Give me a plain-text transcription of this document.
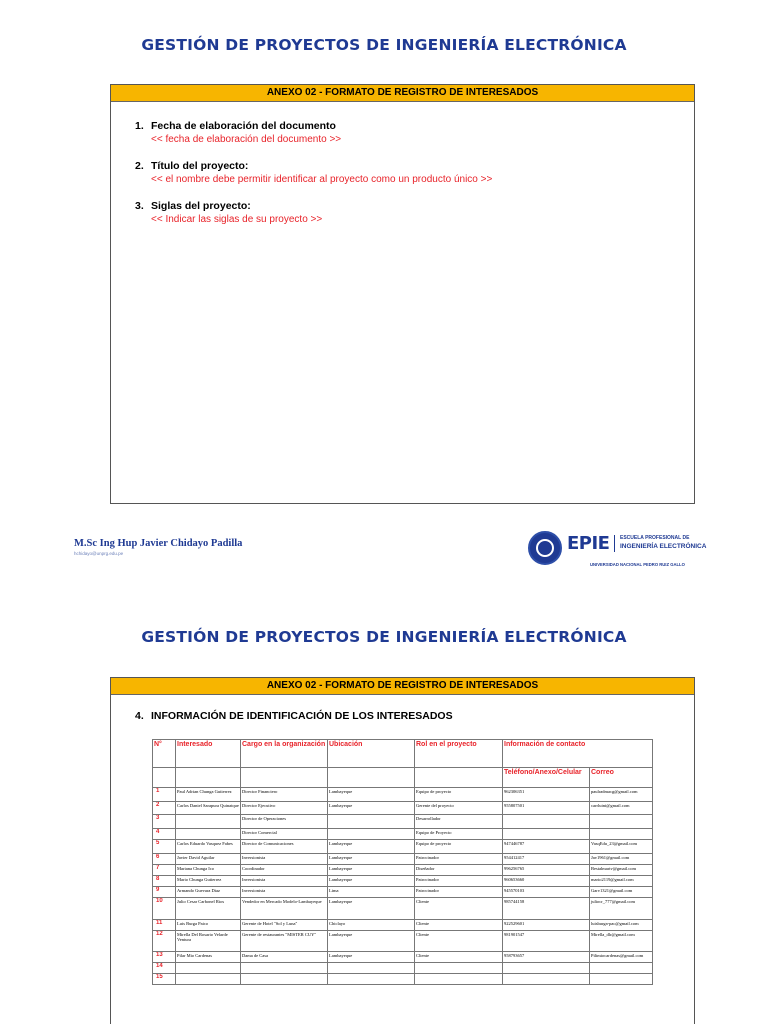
GESTIÓN DE PROYECTOS DE INGENIERÍA ELECTRÓNICA
ANEXO 02 - FORMATO DE REGISTRO DE INTERESADOS
1. Fecha de elaboración del documento
<< fecha de elaboración del documento >>
2. Título del proyecto:
<< el nombre debe permitir identificar al proyecto como un producto único >>
3. Siglas del proyecto:
<< Indicar las siglas de su proyecto >>
M.Sc Ing Hup Javier Chidayo Padilla
hchidayo@unprg.edu.pe	EPIE ESCUELA PROFESIONAL DE
INGENIERÍA ELECTRÓNICA
UNIVERSIDAD NACIONAL PEDRO RUIZ GALLO
GESTIÓN DE PROYECTOS DE INGENIERÍA ELECTRÓNICA
ANEXO 02 - FORMATO DE REGISTRO DE INTERESADOS
4. INFORMACIÓN DE IDENTIFICACIÓN DE LOS INTERESADOS
N°	Interesado	Cargo en la organización	Ubicación	Rol en el proyecto	Información de contacto	
					Teléfono/Anexo/Celular	Correo
1	Paul Adrian Chunga Gutierrez	Director Financiero	Lambayeque	Equipo de proyecto	962306351	paulradmacg@gmail.com
2	Carlos Daniel Sarapura Quinatque	Director Ejecutivo	Lambayeque	Gerente del proyecto	955807501	carrluini@gmail.com
3		Director de Operaciones		Desarrollador		
4		Director Comercial		Equipo de Proyecto		
5	Carlos Eduardo Vasquez Fabes	Director de Comunicaciones	Lambayeque	Equipo de proyecto	947446787	VasqEdu_23@gmail.com
6	Javier David Aguilar	Inversionista	Lambayeque	Patrocinador	954412417	Jav1961@gmail.com
7	Mariana Chunga Ico	Coordinador	Lambayeque	Diseñador	996256765	Bestalmariv@gmail.com
8	Mario Chunga Gutierrez	Inversionista	Lambayeque	Patrocinador	960653660	mario2119@gmail.com
9	Armando Guevara Diaz	Inversionista	Lima	Patrocinador	945570103	Garv1321@gmail.com
10	Julio Cesar Carbonel Rios	Vendedor en Mercado Modelo-Lambayeque	Lambayeque	Cliente	985744158	juliocr_777@gmail.com
11	Luis Burga Paico	Gerente de Hotel "Sol y Luna"	Chiclayo	Cliente	922529601	luisburga-pac@gmail.com
12	Mirella Del Rosario Velarde Ventura	Gerente de restaurantes "MISTER CUY"	Lambayeque	Cliente	981901547	Mirella_dlr@gmail.com
13	Pilar Mio Cardenas	Dama de Casa	Lambayeque	Cliente	958793657	Pilimiocardenas@gmail.com
14						
15						
